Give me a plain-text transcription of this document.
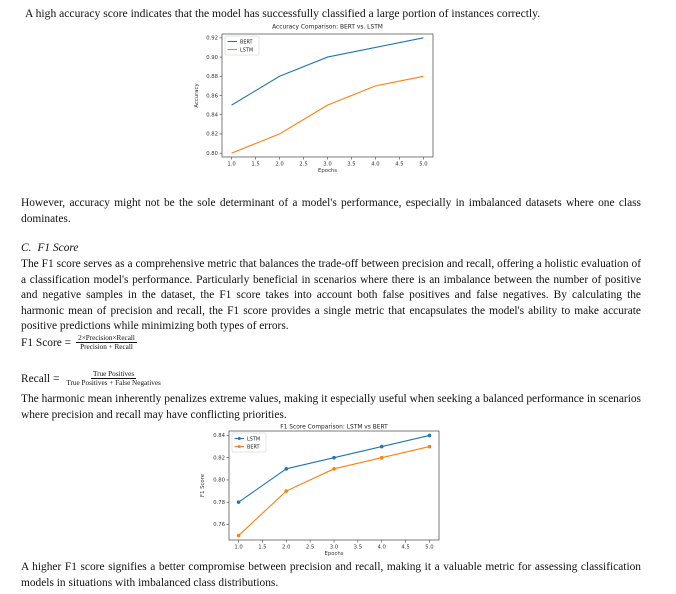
A high accuracy score indicates that the model has successfully classified a large portion of instances correctly.
Accuracy Comparison: BERT vs. LSTM
0.80
0.82
0.84
0.86
0.88
0.90
0.92
1.0	1.5	2.0	2.5	3.0	3.5	4.0	4.5	5.0
Epochs
Accuracy
BERT
LSTM
However, accuracy might not be the sole determinant of a model's performance, especially in imbalanced datasets where one class dominates.
C. F1 Score
The F1 score serves as a comprehensive metric that balances the trade-off between precision and recall, offering a holistic evaluation of a classification model's performance. Particularly beneficial in scenarios where there is an imbalance between the number of positive and negative samples in the dataset, the F1 score takes into account both false positives and false negatives. By calculating the harmonic mean of precision and recall, the F1 score provides a single metric that encapsulates the model's ability to make accurate positive predictions while minimizing both types of errors.
F1 Score = $\frac{\text{2×Precision×Recall}}{\text{Precision + Recall}}$
Recall = $\frac{\text{True Positives}}{\text{True Positives + False Negatives}}$
The harmonic mean inherently penalizes extreme values, making it especially useful when seeking a balanced performance in scenarios where precision and recall may have conflicting priorities.
F1 Score Comparison: LSTM vs BERT
0.76
0.78
0.80
0.82
0.84
1.0	1.5	2.0	2.5	3.0	3.5	4.0	4.5	5.0
Epochs
F1 Score
LSTM
BERT
A higher F1 score signifies a better compromise between precision and recall, making it a valuable metric for assessing classification models in situations with imbalanced class distributions.
